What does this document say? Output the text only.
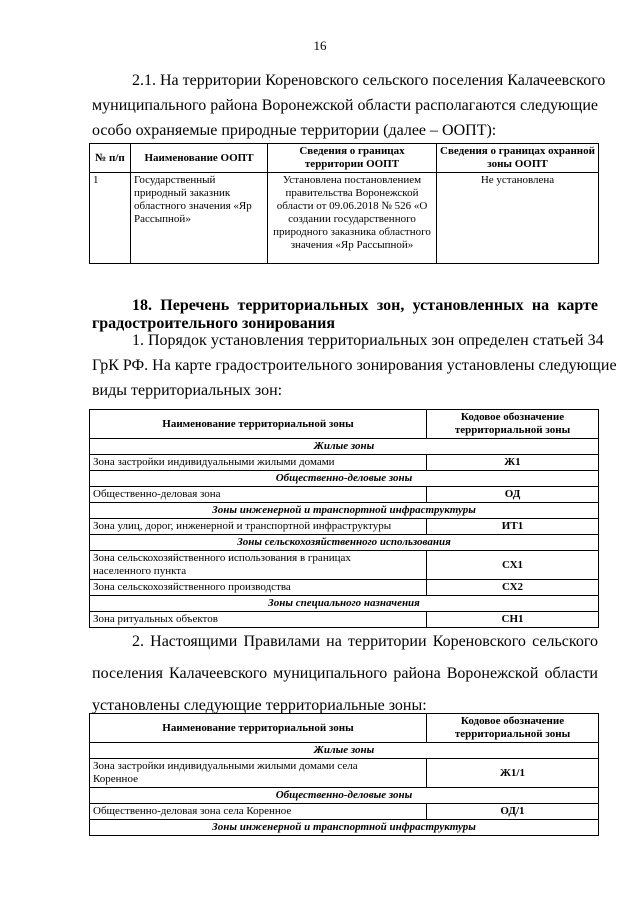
16
2.1. На территории Кореновского сельского поселения Калачеевского
муниципального района Воронежской области располагаются следующие
особо охраняемые природные территории (далее – ООПТ):
№ п/п	Наименование ООПТ	Сведения о границах территории ООПТ	Сведения о границах охранной зоны ООПТ
1	Государственный природный заказник областного значения «Яр Рассыпной»	Установлена постановлением правительства Воронежской области от 09.06.2018 № 526 «О создании государственного природного заказника областного значения «Яр Рассыпной»	Не установлена
18. Перечень территориальных зон, установленных на карте
градостроительного зонирования
1. Порядок установления территориальных зон определен статьей 34
ГрК РФ. На карте градостроительного зонирования установлены следующие
виды территориальных зон:
Наименование территориальной зоны	Кодовое обозначение территориальной зоны
Жилые зоны	
Зона застройки индивидуальными жилыми домами	Ж1
Общественно-деловые зоны	
Общественно-деловая зона	ОД
Зоны инженерной и транспортной инфраструктуры	
Зона улиц, дорог, инженерной и транспортной инфраструктуры	ИТ1
Зоны сельскохозяйственного использования	
Зона сельскохозяйственного использования в границах населенного пункта	СХ1
Зона сельскохозяйственного производства	СХ2
Зоны специального назначения	
Зона ритуальных объектов	СН1
2. Настоящими Правилами на территории Кореновского сельского
поселения Калачеевского муниципального района Воронежской области
установлены следующие территориальные зоны:
Наименование территориальной зоны	Кодовое обозначение территориальной зоны
Жилые зоны	
Зона застройки индивидуальными жилыми домами села Коренное	Ж1/1
Общественно-деловые зоны	
Общественно-деловая зона села Коренное	ОД/1
Зоны инженерной и транспортной инфраструктуры	
